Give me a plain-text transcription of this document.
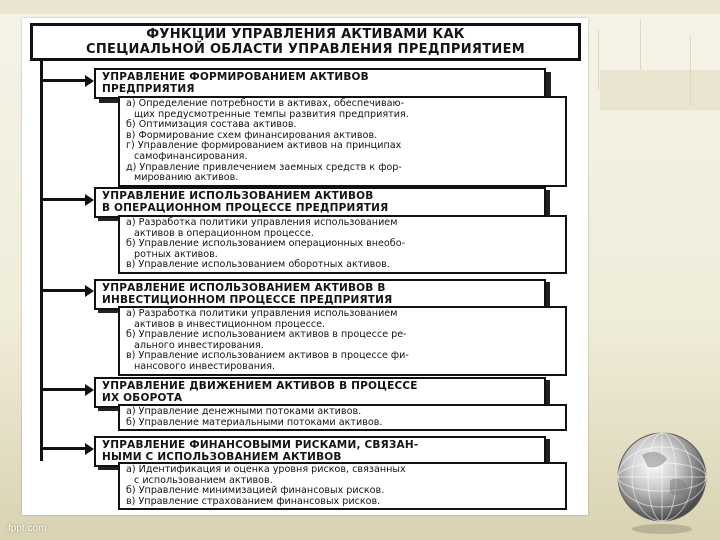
ФУНКЦИИ УПРАВЛЕНИЯ АКТИВАМИ КАК
СПЕЦИАЛЬНОЙ ОБЛАСТИ УПРАВЛЕНИЯ ПРЕДПРИЯТИЕМ
УПРАВЛЕНИЕ ФОРМИРОВАНИЕМ АКТИВОВ
ПРЕДПРИЯТИЯ
а) Определение потребности в активах, обеспечиваю-
щих предусмотренные темпы развития предприятия.
б) Оптимизация состава активов.
в) Формирование схем финансирования активов.
г) Управление формированием активов на принципах
самофинансирования.
д) Управление привлечением заемных средств к фор-
мированию активов.
УПРАВЛЕНИЕ ИСПОЛЬЗОВАНИЕМ АКТИВОВ
В ОПЕРАЦИОННОМ ПРОЦЕССЕ ПРЕДПРИЯТИЯ
а) Разработка политики управления использованием
активов в операционном процессе.
б) Управление использованием операционных внеобо-
ротных активов.
в) Управление использованием оборотных активов.
УПРАВЛЕНИЕ ИСПОЛЬЗОВАНИЕМ АКТИВОВ В
ИНВЕСТИЦИОННОМ ПРОЦЕССЕ ПРЕДПРИЯТИЯ
а) Разработка политики управления использованием
активов в инвестиционном процессе.
б) Управление использованием активов в процессе ре-
ального инвестирования.
в) Управление использованием активов в процессе фи-
нансового инвестирования.
УПРАВЛЕНИЕ ДВИЖЕНИЕМ АКТИВОВ В ПРОЦЕССЕ
ИХ ОБОРОТА
а) Управление денежными потоками активов.
б) Управление материальными потоками активов.
УПРАВЛЕНИЕ ФИНАНСОВЫМИ РИСКАМИ, СВЯЗАН-
НЫМИ С ИСПОЛЬЗОВАНИЕМ АКТИВОВ
а) Идентификация и оценка уровня рисков, связанных
с использованием активов.
б) Управление минимизацией финансовых рисков.
в) Управление страхованием финансовых рисков.
fppt.com
